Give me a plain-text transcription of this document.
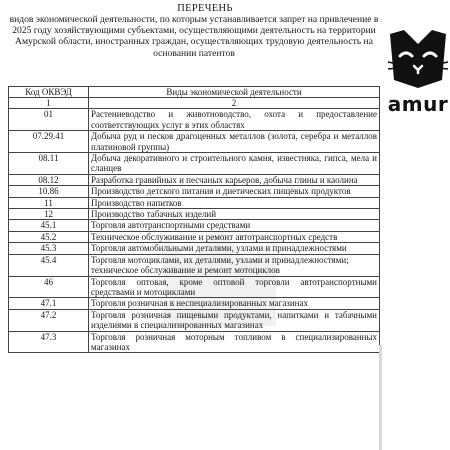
ПЕРЕЧЕНЬ
видов экономической деятельности, по которым устанавливается запрет на привлечение в 2025 году хозяйствующими субъектами, осуществляющими деятельность на территории Амурской области, иностранных граждан, осуществляющих трудовую деятельность на основании патентов
amur
Код ОКВЭД	Виды экономической деятельности
1	2
01	Растениеводство и животноводство, охота и предоставление соответствующих услуг в этих областях
07.29.41	Добыча руд и песков драгоценных металлов (золота, серебра и металлов платиновой группы)
08.11	Добыча декоративного и строительного камня, известняка, гипса, мела и сланцев
08.12	Разработка гравийных и песчаных карьеров, добыча глины и каолина
10.86	Производство детского питания и диетических пищевых продуктов
11	Производство напитков
12	Производство табачных изделий
45.1	Торговля автотранспортными средствами
45.2	Техническое обслуживание и ремонт автотранспортных средств
45.3	Торговля автомобильными деталями, узлами и принадлежностями
45.4	Торговля мотоциклами, их деталями, узлами и принадлежностями;
техническое обслуживание и ремонт мотоциклов

46	Торговля оптовая, кроме оптовой торговли автотранспортными средствами и мотоциклами
47.1	Торговля розничная в неспециализированных магазинах
47.2	Торговля розничная пищевыми продуктами, напитками и табачными изделиями в специализированных магазинах
47.3	Торговля розничная моторным топливом в специализированных магазинах
